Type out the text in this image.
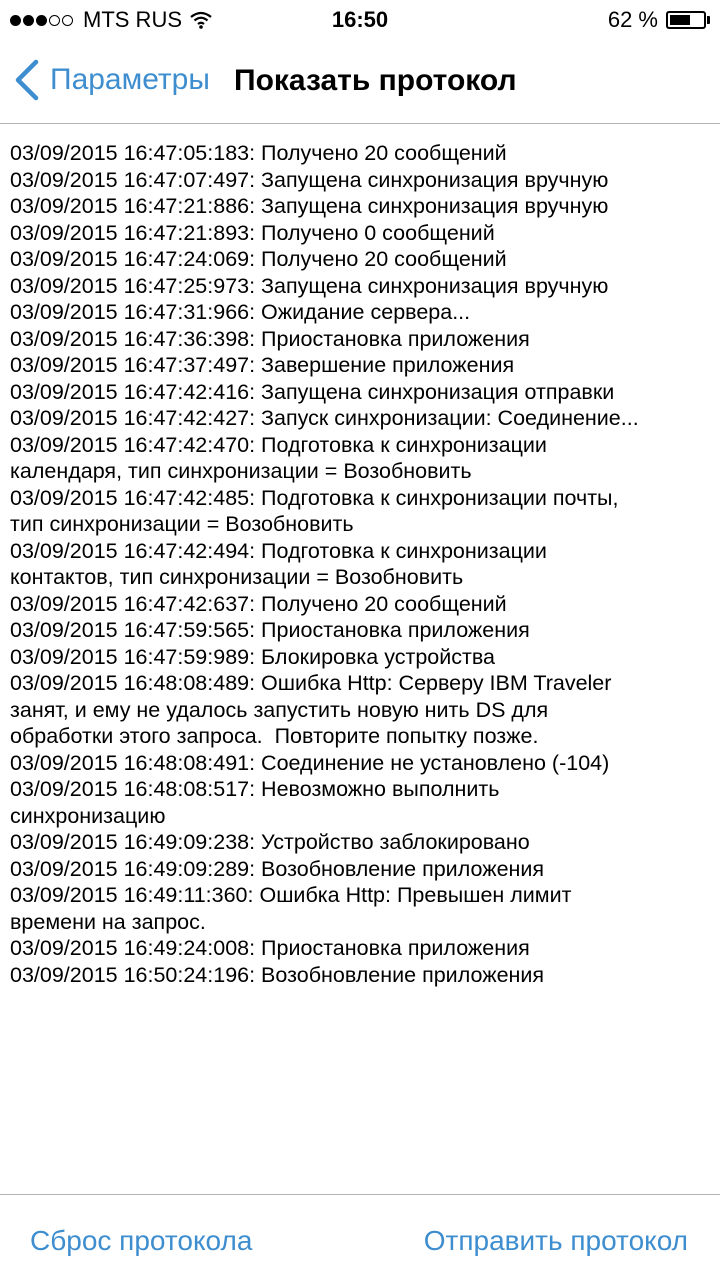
MTS RUS	16:50	62 %
Параметры Показать протокол
03/09/2015 16:47:05:183: Получено 20 сообщений
03/09/2015 16:47:07:497: Запущена синхронизация вручную
03/09/2015 16:47:21:886: Запущена синхронизация вручную
03/09/2015 16:47:21:893: Получено 0 сообщений
03/09/2015 16:47:24:069: Получено 20 сообщений
03/09/2015 16:47:25:973: Запущена синхронизация вручную
03/09/2015 16:47:31:966: Ожидание сервера...
03/09/2015 16:47:36:398: Приостановка приложения
03/09/2015 16:47:37:497: Завершение приложения
03/09/2015 16:47:42:416: Запущена синхронизация отправки
03/09/2015 16:47:42:427: Запуск синхронизации: Соединение...
03/09/2015 16:47:42:470: Подготовка к синхронизации
календаря, тип синхронизации = Возобновить
03/09/2015 16:47:42:485: Подготовка к синхронизации почты,
тип синхронизации = Возобновить
03/09/2015 16:47:42:494: Подготовка к синхронизации
контактов, тип синхронизации = Возобновить
03/09/2015 16:47:42:637: Получено 20 сообщений
03/09/2015 16:47:59:565: Приостановка приложения
03/09/2015 16:47:59:989: Блокировка устройства
03/09/2015 16:48:08:489: Ошибка Http: Серверу IBM Traveler
занят, и ему не удалось запустить новую нить DS для
обработки этого запроса.  Повторите попытку позже.
03/09/2015 16:48:08:491: Соединение не установлено (-104)
03/09/2015 16:48:08:517: Невозможно выполнить
синхронизацию
03/09/2015 16:49:09:238: Устройство заблокировано
03/09/2015 16:49:09:289: Возобновление приложения
03/09/2015 16:49:11:360: Ошибка Http: Превышен лимит
времени на запрос.
03/09/2015 16:49:24:008: Приостановка приложения
03/09/2015 16:50:24:196: Возобновление приложения
Сброс протокола	Отправить протокол
